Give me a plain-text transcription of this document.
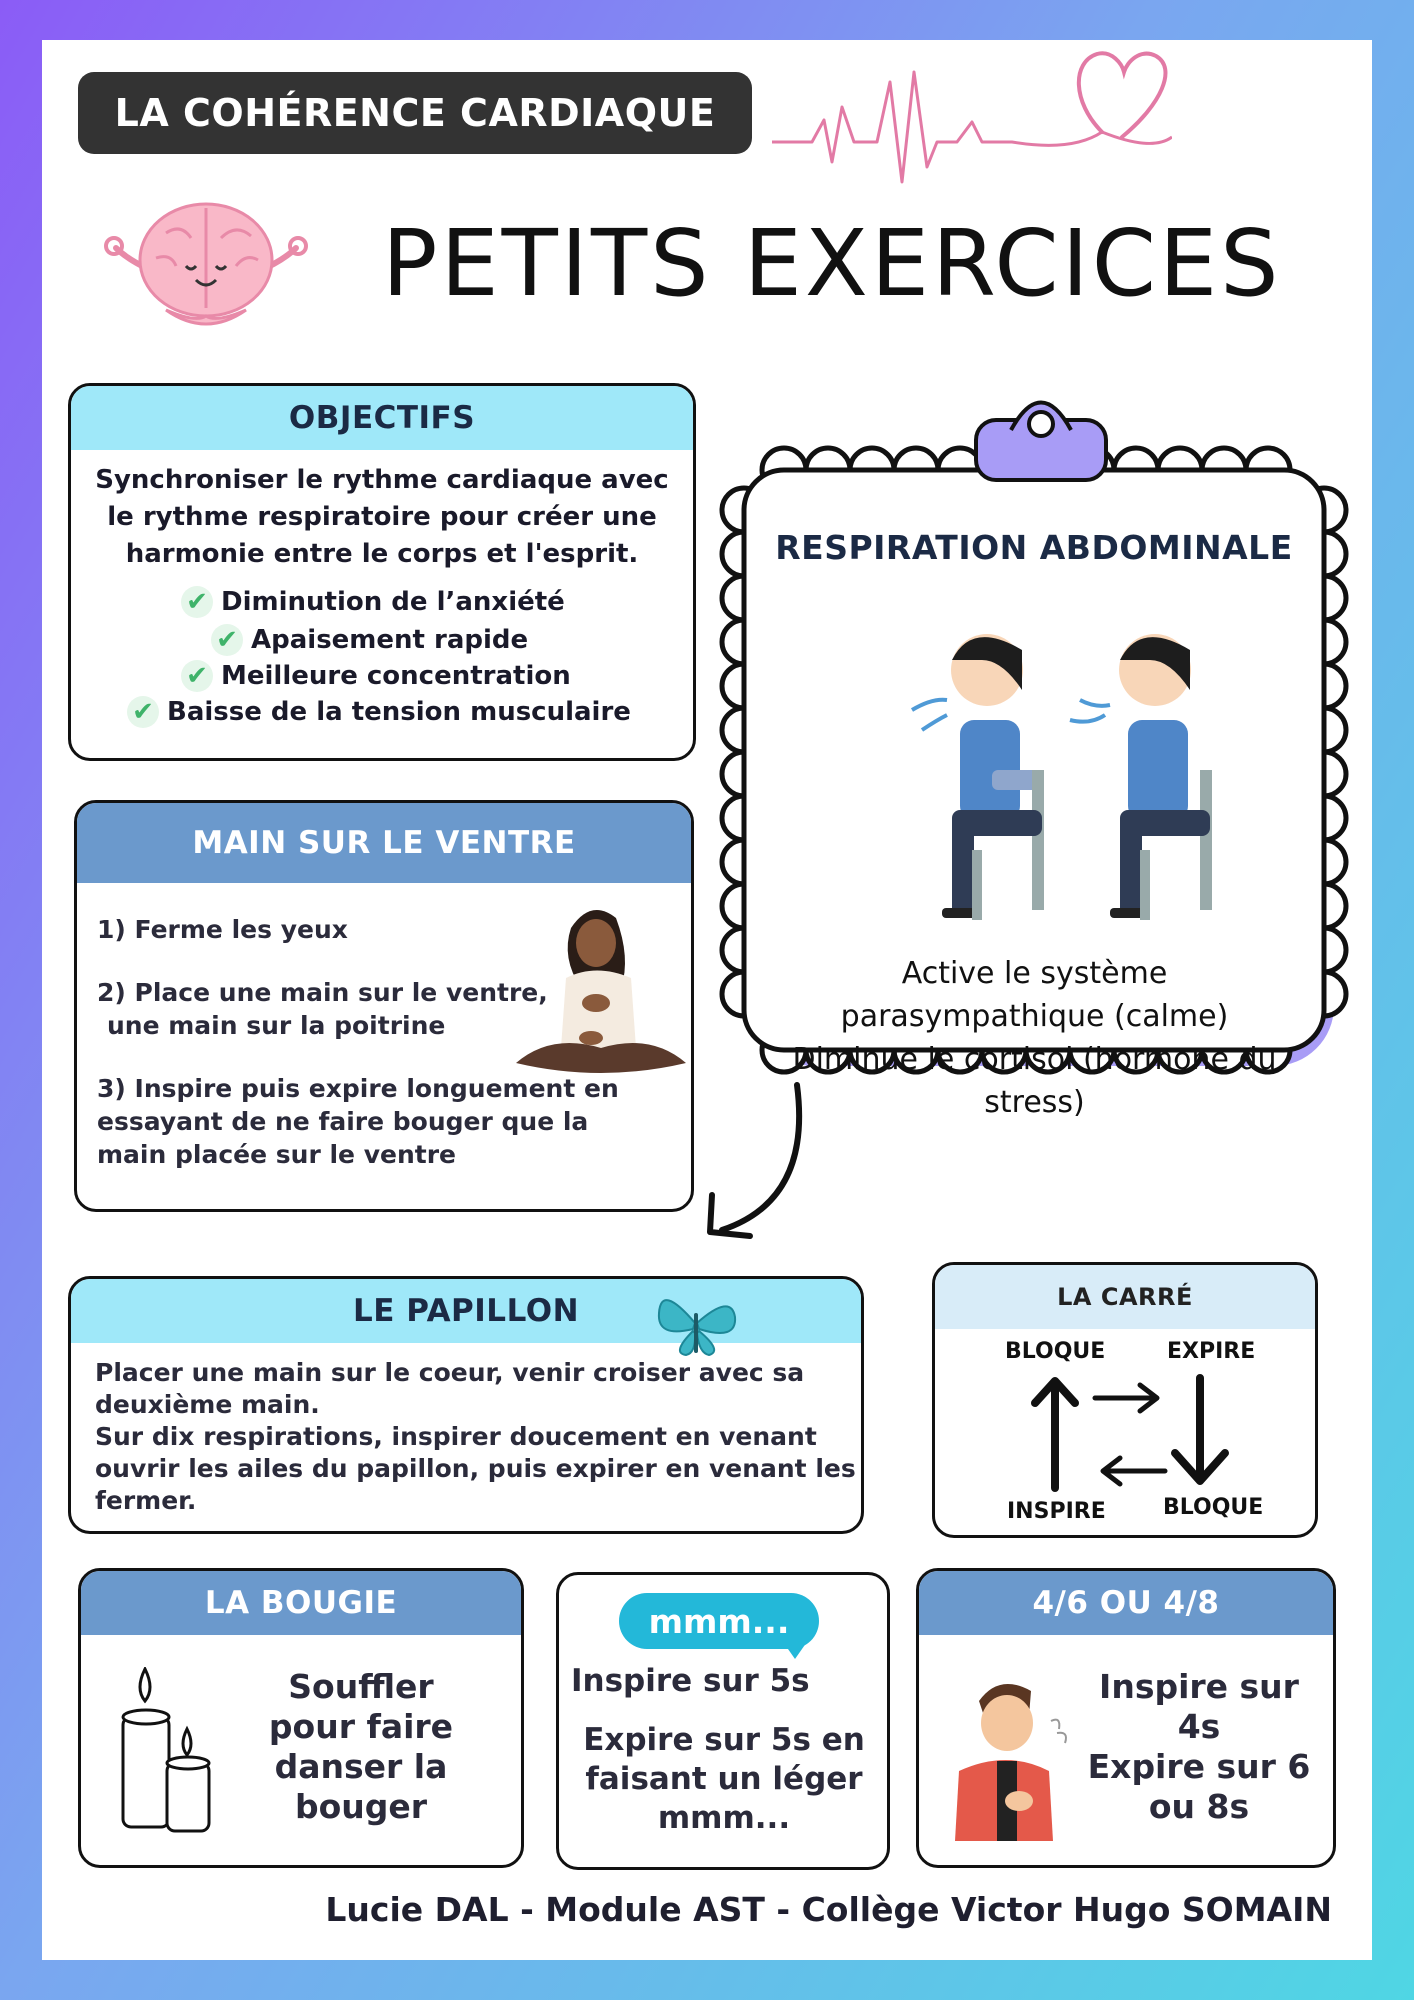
LA COHÉRENCE CARDIAQUE
PETITS EXERCICES
OBJECTIFS
Synchroniser le rythme cardiaque avec le rythme respiratoire pour créer une harmonie entre le corps et l'esprit.
✔ Diminution de l’anxiété
✔ Apaisement rapide
✔ Meilleure concentration
✔ Baisse de la tension musculaire
RESPIRATION ABDOMINALE
Active le système
parasympathique (calme)
Diminue le cortisol (hormone du
stress)
MAIN SUR LE VENTRE
1) Ferme les yeux
2) Place une main sur le ventre,
une main sur la poitrine
3) Inspire puis expire longuement en
essayant de ne faire bouger que la
main placée sur le ventre
LE PAPILLON
Placer une main sur le coeur, venir croiser avec sa
deuxième main.
Sur dix respirations, inspirer doucement en venant
ouvrir les ailes du papillon, puis expirer en venant les
fermer.
LA CARRÉ
BLOQUE	EXPIRE
INSPIRE	BLOQUE
LA BOUGIE
Souffler
pour faire
danser la
bouger
mmm...
Inspire sur 5s
Expire sur 5s en
faisant un léger
mmm...
4/6 OU 4/8
Inspire sur
4s
Expire sur 6
ou 8s
Lucie DAL - Module AST - Collège Victor Hugo SOMAIN
